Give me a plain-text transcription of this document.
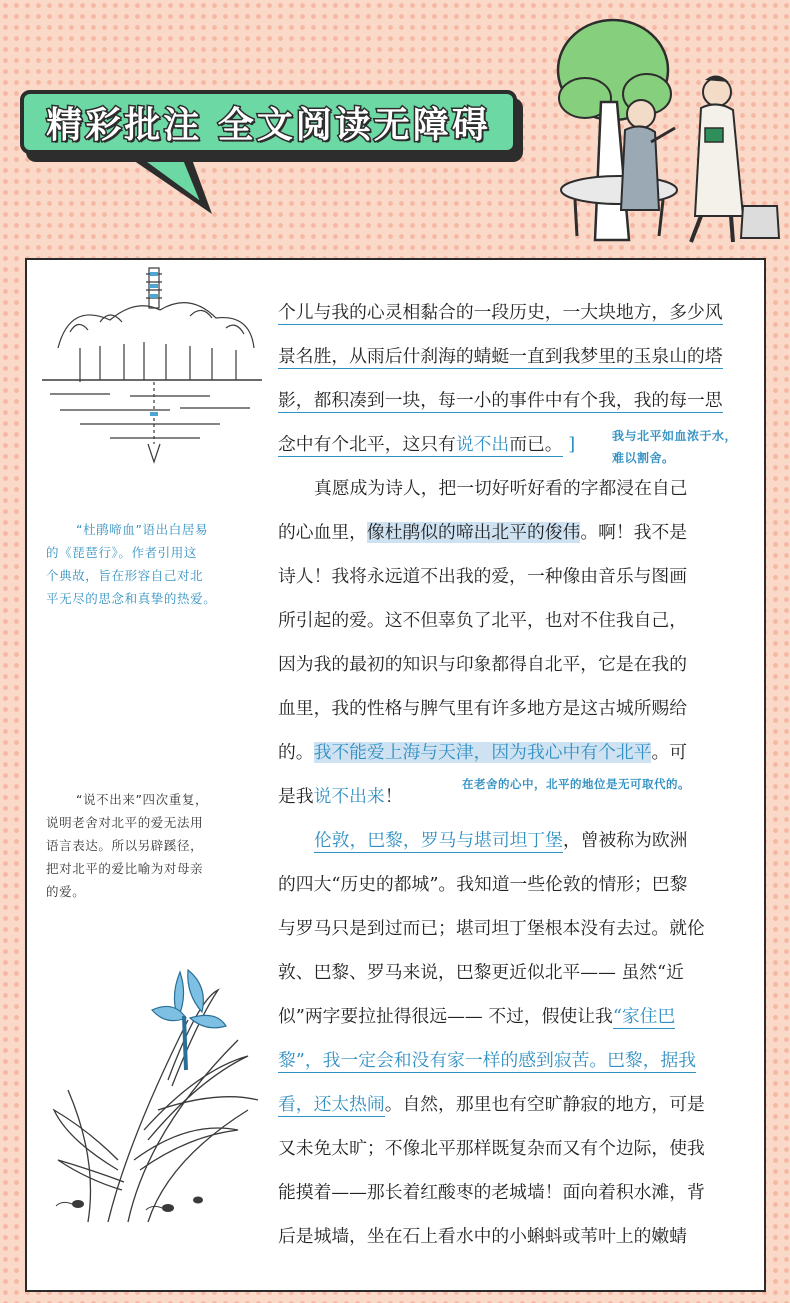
精彩批注 全文阅读无障碍
“杜鹃啼血”语出白居易
的《琵琶行》。作者引用这
个典故，旨在形容自己对北
平无尽的思念和真挚的热爱。
“说不出来”四次重复，
说明老舍对北平的爱无法用
语言表达。所以另辟蹊径，
把对北平的爱比喻为对母亲
的爱。
个儿与我的心灵相黏合的一段历史，一大块地方，多少风
景名胜，从雨后什刹海的蜻蜓一直到我梦里的玉泉山的塔
影，都积凑到一块，每一小的事件中有个我，我的每一思
念中有个北平，这只有说不出而已。 ]
真愿成为诗人，把一切好听好看的字都浸在自己
的心血里，像杜鹃似的啼出北平的俊伟。啊！我不是
诗人！我将永远道不出我的爱，一种像由音乐与图画
所引起的爱。这不但辜负了北平，也对不住我自己，
因为我的最初的知识与印象都得自北平，它是在我的
血里，我的性格与脾气里有许多地方是这古城所赐给
的。我不能爱上海与天津，因为我心中有个北平。可
是我说不出来！
伦敦，巴黎，罗马与堪司坦丁堡，曾被称为欧洲
的四大“历史的都城”。我知道一些伦敦的情形；巴黎
与罗马只是到过而已；堪司坦丁堡根本没有去过。就伦
敦、巴黎、罗马来说，巴黎更近似北平—— 虽然“近
似”两字要拉扯得很远—— 不过，假使让我“家住巴
黎”，我一定会和没有家一样的感到寂苦。巴黎，据我
看，还太热闹。自然，那里也有空旷静寂的地方，可是
又未免太旷；不像北平那样既复杂而又有个边际，使我
能摸着——那长着红酸枣的老城墙！面向着积水滩，背
后是城墙，坐在石上看水中的小蝌蚪或苇叶上的嫩蜻
我与北平如血浓于水，
难以割舍。
在老舍的心中，北平的地位是无可取代的。
